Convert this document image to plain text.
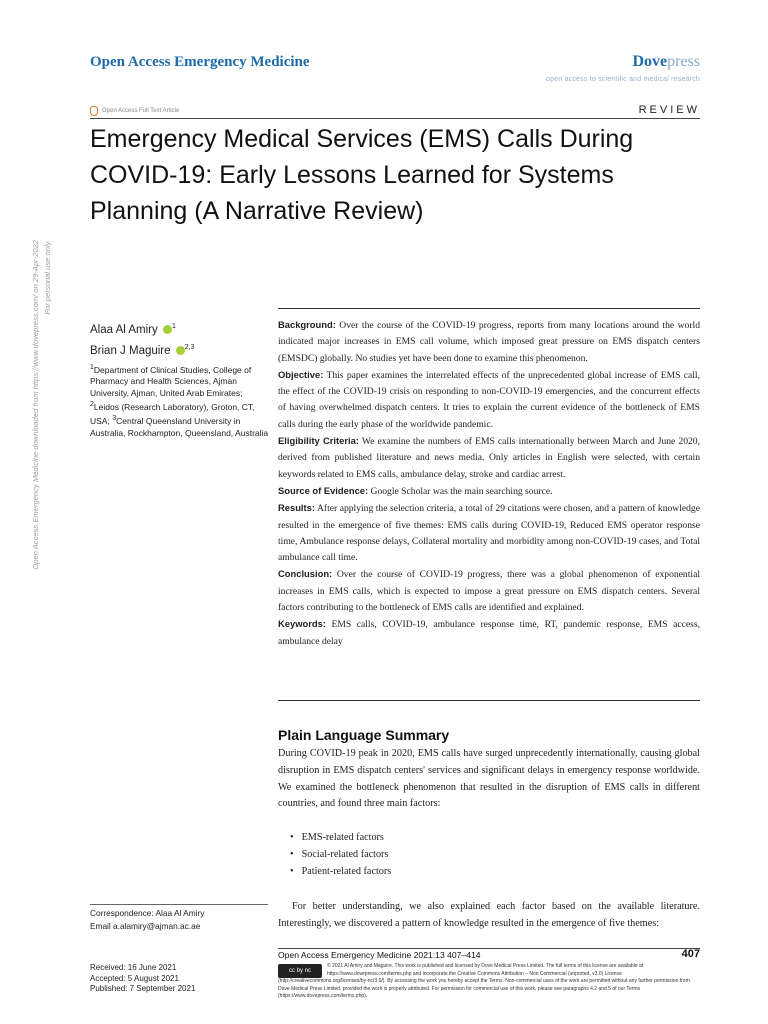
Open Access Emergency Medicine	Dovepress
open access to scientific and medical research
Open Access Full Text Article	REVIEW
Emergency Medical Services (EMS) Calls During COVID-19: Early Lessons Learned for Systems Planning (A Narrative Review)
Alaa Al Amiry $^1$
Brian J Maguire $^{2,3}$
$^1$Department of Clinical Studies, College of Pharmacy and Health Sciences, Ajman University, Ajman, United Arab Emirates; $^2$Leidos (Research Laboratory), Groton, CT, USA; $^3$Central Queensland University in Australia, Rockhampton, Queensland, Australia

Background: Over the course of the COVID-19 progress, reports from many locations around the world indicated major increases in EMS call volume, which imposed great pressure on EMS dispatch centers (EMSDC) globally. No studies yet have been done to examine this phenomenon.

Objective: This paper examines the interrelated effects of the unprecedented global increase of EMS call, the effect of the COVID-19 crisis on responding to non-COVID-19 emergencies, and the concurrent effects of having overwhelmed dispatch centers. It tries to explain the current evidence of the bottleneck of EMS calls during the early phase of the worldwide pandemic.

Eligibility Criteria: We examine the numbers of EMS calls internationally between March and June 2020, derived from published literature and news media. Only articles in English were selected, with certain keywords related to EMS calls, ambulance delay, stroke and cardiac arrest.

Source of Evidence: Google Scholar was the main searching source.

Results: After applying the selection criteria, a total of 29 citations were chosen, and a pattern of knowledge resulted in the emergence of five themes: EMS calls during COVID-19, Reduced EMS operator response time, Ambulance response delays, Collateral mortality and morbidity among non-COVID-19 cases, and Total ambulance call time.

Conclusion: Over the course of COVID-19 progress, there was a global phenomenon of exponential increases in EMS calls, which is expected to impose a great pressure on EMS dispatch centers. Several factors contributing to the bottleneck of EMS calls are identified and explained.

Keywords: EMS calls, COVID-19, ambulance response time, RT, pandemic response, EMS access, ambulance delay

Plain Language Summary

During COVID-19 peak in 2020, EMS calls have surged unprecedently internationally, causing global disruption in EMS dispatch centers' services and significant delays in emergency response worldwide. We examined the bottleneck phenomenon that resulted in the disruption of EMS calls in different countries, and found three main factors:

• EMS-related factors
• Social-related factors
• Patient-related factors
For better understanding, we also explained each factor based on the available literature. Interestingly, we discovered a pattern of knowledge resulted in the emergence of five themes:
Correspondence: Alaa Al Amiry
Email a.alamiry@ajman.ac.ae
Received: 16 June 2021
Accepted: 5 August 2021
Published: 7 September 2021
Open Access Emergency Medicine 2021:13 407–414	407
cc by nc
© 2021 Al Amiry and Maguire. This work is published and licensed by Dove Medical Press Limited. The full terms of this license are available at https://www.dovepress.com/terms.php and incorporate the Creative Commons Attribution – Non Commercial (unported, v3.0) License (http://creativecommons.org/licenses/by-nc/3.0/). By accessing the work you hereby accept the Terms. Non-commercial uses of the work are permitted without any further permission from Dove Medical Press Limited, provided the work is properly attributed. For permission for commercial use of this work, please see paragraphs 4.2 and 5 of our Terms (https://www.dovepress.com/terms.php).
Open Access Emergency Medicine downloaded from https://www.dovepress.com/ on 29-Apr-2022 For personal use only.
